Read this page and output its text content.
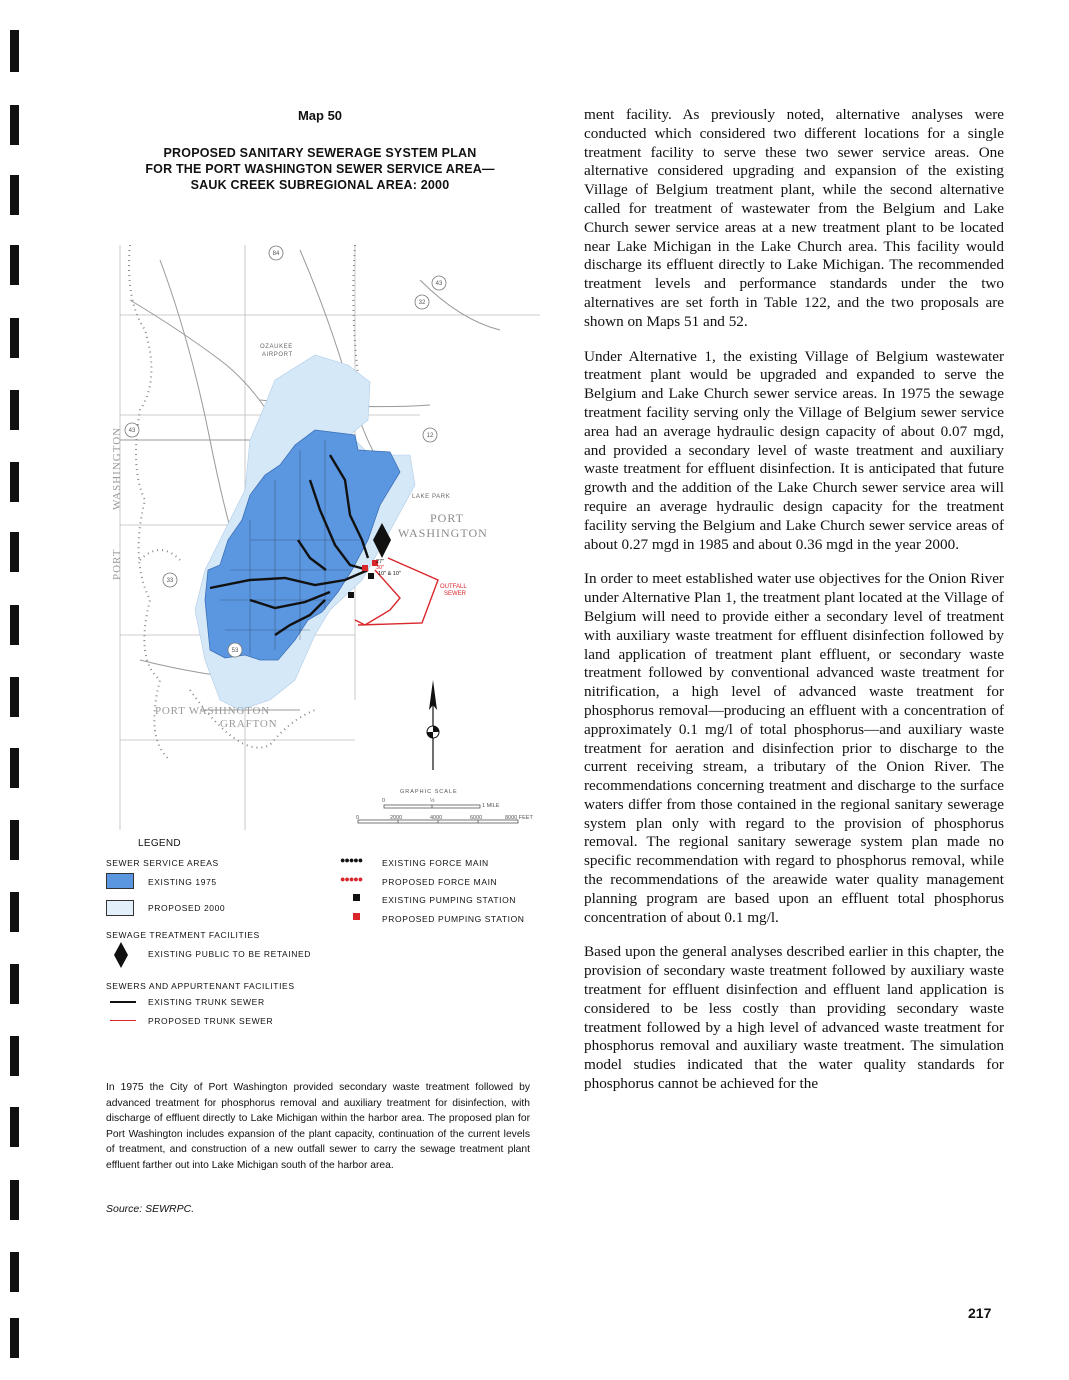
Map 50
PROPOSED SANITARY SEWERAGE SYSTEM PLAN
FOR THE PORT WASHINGTON SEWER SERVICE AREA—
SAUK CREEK SUBREGIONAL AREA: 2000
84
43
32
43
33
53
12
OZAUKEE
AIRPORT
LAKE PARK
PORT
WASHINGTON
OUTFALL
SEWER
27"
30"
10" & 10"
PORT WASHINGTON
GRAFTON
PORT
WASHINGTON
GRAPHIC SCALE
0	½
1 MILE
0	2000	4000	6000	8000 FEET
LEGEND
SEWER SERVICE AREAS
EXISTING 1975
PROPOSED 2000
SEWAGE TREATMENT FACILITIES
EXISTING PUBLIC TO BE RETAINED
SEWERS AND APPURTENANT FACILITIES
EXISTING TRUNK SEWER
PROPOSED TRUNK SEWER
●●●●● EXISTING FORCE MAIN
●●●●● PROPOSED FORCE MAIN
EXISTING PUMPING STATION
PROPOSED PUMPING STATION
In 1975 the City of Port Washington provided secondary waste treatment followed by advanced treatment for phosphorus removal and auxiliary treatment for disinfection, with discharge of effluent directly to Lake Michigan within the harbor area. The proposed plan for Port Washington includes expansion of the plant capacity, continuation of the current levels of treatment, and construction of a new outfall sewer to carry the sewage treatment plant effluent farther out into Lake Michigan south of the harbor area.
Source: SEWRPC.

ment facility. As previously noted, alternative analyses were conducted which considered two different locations for a single treatment facility to serve these two sewer service areas. One alternative considered upgrading and expansion of the existing Village of Belgium treatment plant, while the second alternative called for treatment of wastewater from the Belgium and Lake Church sewer service areas at a new treatment plant to be located near Lake Michigan in the Lake Church area. This facility would discharge its effluent directly to Lake Michigan. The recommended treatment levels and performance standards under the two alternatives are set forth in Table 122, and the two proposals are shown on Maps 51 and 52.

Under Alternative 1, the existing Village of Belgium wastewater treatment plant would be upgraded and expanded to serve the Belgium and Lake Church sewer service areas. In 1975 the sewage treatment facility serving only the Village of Belgium sewer service area had an average hydraulic design capacity of about 0.07 mgd, and provided a secondary level of waste treatment and auxiliary waste treatment for effluent disinfection. It is anticipated that future growth and the addition of the Lake Church sewer service area will require an average hydraulic design capacity for the treatment facility serving the Belgium and Lake Church sewer service areas of about 0.27 mgd in 1985 and about 0.36 mgd in the year 2000.

In order to meet established water use objectives for the Onion River under Alternative Plan 1, the treatment plant located at the Village of Belgium will need to provide either a secondary level of treatment with auxiliary waste treatment for effluent disinfection followed by land application of treatment plant effluent, or secondary waste treatment followed by conventional advanced waste treatment for nitrification, a high level of advanced waste treatment for phosphorus removal—producing an effluent with a concentration of approximately 0.1 mg/l of total phosphorus—and auxiliary waste treatment for aeration and disinfection prior to discharge to the current receiving stream, a tributary of the Onion River. The recommendations concerning treatment and discharge to the surface waters differ from those contained in the regional sanitary sewerage system plan only with regard to the provision of phosphorus removal. The regional sanitary sewerage system plan made no specific recommendation with regard to phosphorus removal, while the recommendations of the areawide water quality management planning program are based upon an effluent total phosphorus concentration of about 0.1 mg/l.

Based upon the general analyses described earlier in this chapter, the provision of secondary waste treatment followed by auxiliary waste treatment for effluent disinfection and effluent land application is considered to be less costly than providing secondary waste treatment followed by a high level of advanced waste treatment for phosphorus removal and auxiliary waste treatment. The simulation model studies indicated that the water quality standards for phosphorus cannot be achieved for the

217
